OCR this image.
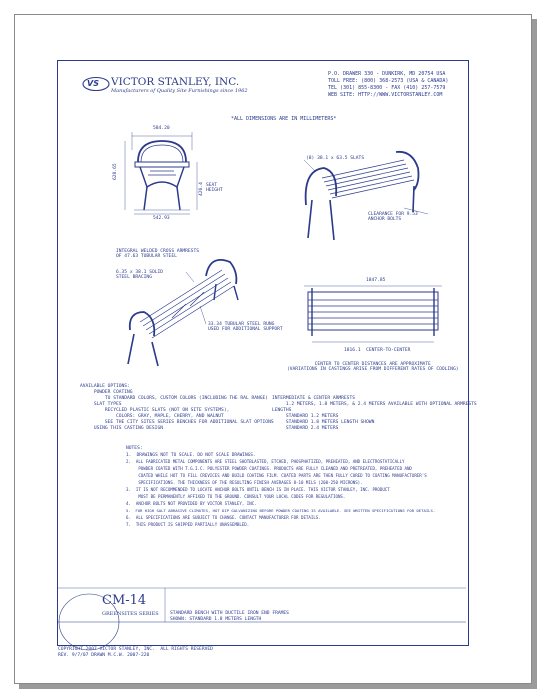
VS VICTOR STANLEY, INC.
Manufacturers of Quality Site Furnishings since 1962
P.O. DRAWER 330 - DUNKIRK, MD 20754 USA
TOLL FREE: (800) 368-2573 (USA & CANADA)
TEL (301) 855-8300 - FAX (410) 257-7579
WEB SITE: HTTP://WWW.VICTORSTANLEY.COM
*ALL DIMENSIONS ARE IN MILLIMETERS*
584.20
542.93
628.65
426.4 SEAT
HEIGHT
(8) 38.1 x 63.5 SLATS
CLEARANCE FOR 9.53
ANCHOR BOLTS
INTEGRAL WELDED CROSS ARMRESTS
OF 47.63 TUBULAR STEEL
6.35 x 38.1 SOLID
STEEL BRACING
33.34 TUBULAR STEEL RUNG
USED FOR ADDITIONAL SUPPORT
1847.85
1816.1  CENTER-TO-CENTER
CENTER TO CENTER DISTANCES ARE APPROXIMATE
(VARIATIONS IN CASTINGS ARISE FROM DIFFERENT RATES OF COOLING)
AVAILABLE OPTIONS:
POWDER COATING
TO STANDARD COLORS, CUSTOM COLORS (INCLUDING THE RAL RANGE)
SLAT TYPES
RECYCLED PLASTIC SLATS (NOT ON SITE SYSTEMS),
COLORS: GRAY, MAPLE, CHERRY, AND WALNUT
SEE THE CITY SITES SERIES BENCHES FOR ADDITIONAL SLAT OPTIONS
USING THIS CASTING DESIGN
INTERMEDIATE & CENTER ARMRESTS
1.2 METERS, 1.8 METERS, & 2.4 METERS AVAILABLE WITH OPTIONAL ARMRESTS
LENGTHS
STANDARD 1.2 METERS
STANDARD 1.8 METERS LENGTH SHOWN
STANDARD 2.4 METERS
NOTES:
1.  DRAWINGS NOT TO SCALE. DO NOT SCALE DRAWINGS.
2.  ALL FABRICATED METAL COMPONENTS ARE STEEL SHOTBLASTED, ETCHED, PHOSPHATIZED, PREHEATED, AND ELECTROSTATICALLY
POWDER COATED WITH T.G.I.C. POLYESTER POWDER COATINGS. PRODUCTS ARE FULLY CLEANED AND PRETREATED, PREHEATED AND
COATED WHILE HOT TO FILL CREVICES AND BUILD COATING FILM. COATED PARTS ARE THEN FULLY CURED TO COATING MANUFACTURER'S
SPECIFICATIONS. THE THICKNESS OF THE RESULTING FINISH AVERAGES 8-10 MILS (200-250 MICRONS).
3.  IT IS NOT RECOMMENDED TO LOCATE ANCHOR BOLTS UNTIL BENCH IS IN PLACE. THIS VICTOR STANLEY, INC. PRODUCT
MUST BE PERMANENTLY AFFIXED TO THE GROUND. CONSULT YOUR LOCAL CODES FOR REGULATIONS.
4.  ANCHOR BOLTS NOT PROVIDED BY VICTOR STANLEY, INC.
5.  FOR HIGH SALT ABRASIVE CLIMATES, HOT DIP GALVANIZING BEFORE POWDER COATING IS AVAILABLE. SEE WRITTEN SPECIFICATIONS FOR DETAILS.
6.  ALL SPECIFICATIONS ARE SUBJECT TO CHANGE. CONTACT MANUFACTURER FOR DETAILS.
7.  THIS PRODUCT IS SHIPPED PARTIALLY UNASSEMBLED.
CM-14
GREENSITES SERIES STANDARD BENCH WITH DUCTILE IRON END FRAMES
SHOWN: STANDARD 1.8 METERS LENGTH
COPYRIGHT 2007 VICTOR STANLEY, INC.  ALL RIGHTS RESERVED
REV. 9/7/07 DRAWN M.C.W. 2007-220
